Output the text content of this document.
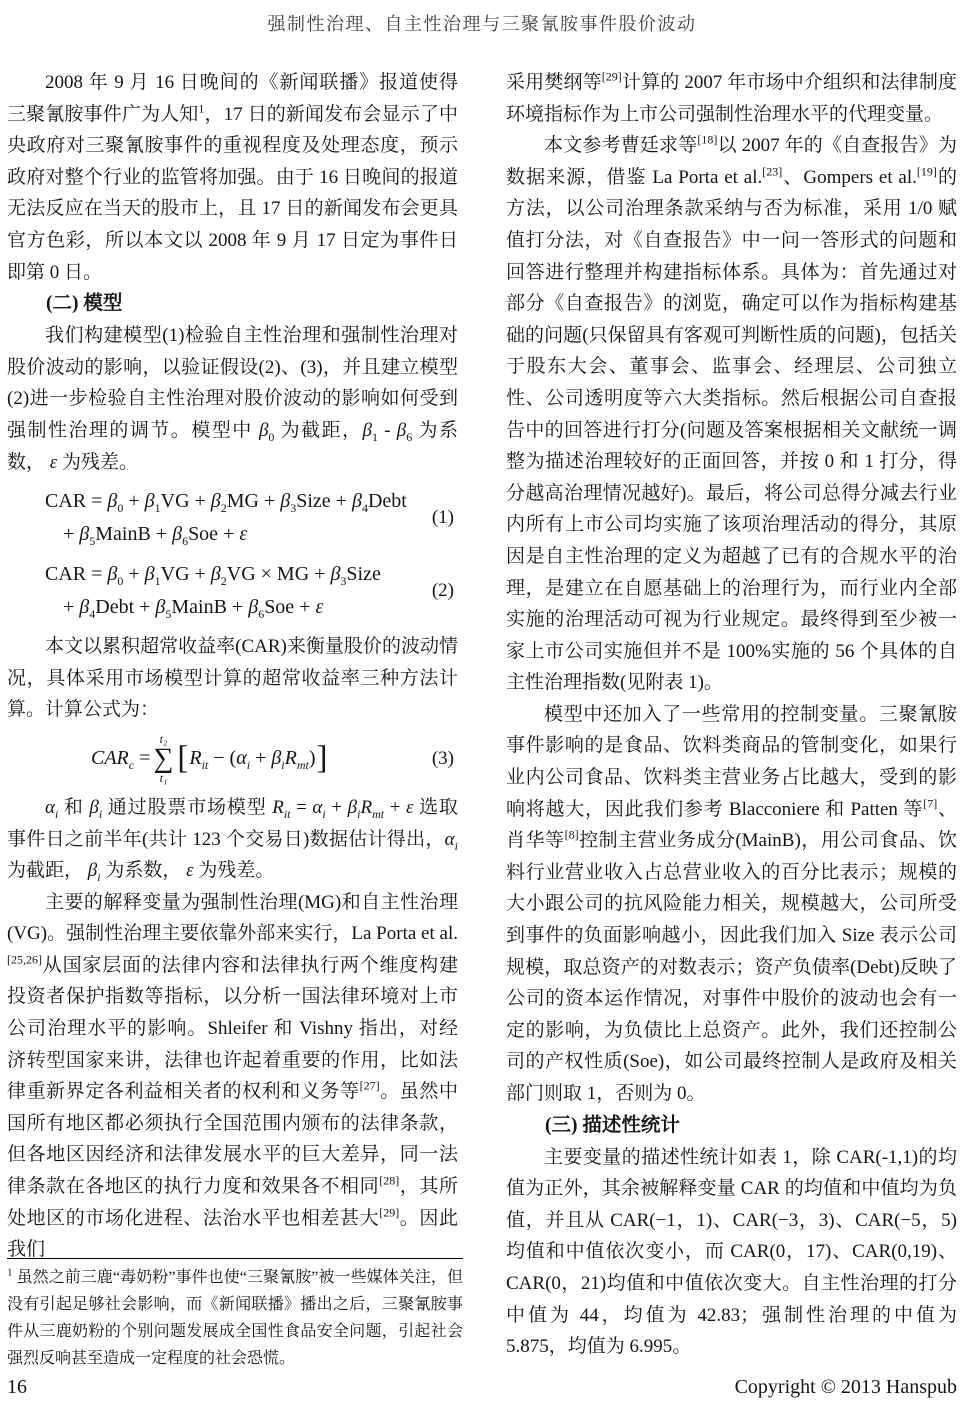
强制性治理、自主性治理与三聚氰胺事件股价波动

2008 年 9 月 16 日晚间的《新闻联播》报道使得三聚氰胺事件广为人知$^1$，17 日的新闻发布会显示了中央政府对三聚氰胺事件的重视程度及处理态度，预示政府对整个行业的监管将加强。由于 16 日晚间的报道无法反应在当天的股市上，且 17 日的新闻发布会更具官方色彩，所以本文以 2008 年 9 月 17 日定为事件日即第 0 日。

(二) 模型

我们构建模型(1)检验自主性治理和强制性治理对股价波动的影响，以验证假设(2)、(3)，并且建立模型(2)进一步检验自主性治理对股价波动的影响如何受到强制性治理的调节。模型中 $\beta_0$ 为截距，$\beta_1 - \beta_6$ 为系数， ε 为残差。

CAR = $\beta_0 + \beta_1VG + \beta_2MG$ + $\beta_3Size$ + $\beta_4Debt$
+ $\beta_5MainB + \beta_6Soe + \varepsilon$
(1)
CAR = $\beta_0 + \beta_1VG + \beta_2VG$ × MG + $\beta_3Size$
+ $\beta_4Debt$ + $\beta_5MainB + \beta_6Soe + \varepsilon$
(2)

本文以累积超常收益率(CAR)来衡量股价的波动情况，具体采用市场模型计算的超常收益率三种方法计算。计算公式为：

$CAR_c$ =
t₂
∑
t₁
[ $R_{it} - (\alpha_i + \beta_iR_{mt})$ ]	(3)

$\alpha_i$ 和 $\beta_i$ 通过股票市场模型 $R_{it} = \alpha_i + \beta_iR_{mt} + \varepsilon$ 选取事件日之前半年(共计 123 个交易日)数据估计得出，$\alpha_i$ 为截距， $\beta_i$ 为系数， ε 为残差。

主要的解释变量为强制性治理(MG)和自主性治理(VG)。强制性治理主要依靠外部来实行，La Porta et al.[25,26]从国家层面的法律内容和法律执行两个维度构建投资者保护指数等指标，以分析一国法律环境对上市公司治理水平的影响。Shleifer 和 Vishny 指出，对经济转型国家来讲，法律也许起着重要的作用，比如法律重新界定各利益相关者的权利和义务等[27]。虽然中国所有地区都必须执行全国范围内颁布的法律条款，但各地区因经济和法律发展水平的巨大差异，同一法律条款在各地区的执行力度和效果各不相同[28]，其所处地区的市场化进程、法治水平也相差甚大[29]。因此我们

采用樊纲等[29]计算的 2007 年市场中介组织和法律制度环境指标作为上市公司强制性治理水平的代理变量。

本文参考曹廷求等[18]以 2007 年的《自查报告》为数据来源，借鉴 La Porta et al.[23]、Gompers et al.[19]的方法，以公司治理条款采纳与否为标准，采用 1/0 赋值打分法，对《自查报告》中一问一答形式的问题和回答进行整理并构建指标体系。具体为：首先通过对部分《自查报告》的浏览，确定可以作为指标构建基础的问题(只保留具有客观可判断性质的问题)，包括关于股东大会、董事会、监事会、经理层、公司独立性、公司透明度等六大类指标。然后根据公司自查报告中的回答进行打分(问题及答案根据相关文献统一调整为描述治理较好的正面回答，并按 0 和 1 打分，得分越高治理情况越好)。最后，将公司总得分减去行业内所有上市公司均实施了该项治理活动的得分，其原因是自主性治理的定义为超越了已有的合规水平的治理，是建立在自愿基础上的治理行为，而行业内全部实施的治理活动可视为行业规定。最终得到至少被一家上市公司实施但并不是 100%实施的 56 个具体的自主性治理指数(见附表 1)。

模型中还加入了一些常用的控制变量。三聚氰胺事件影响的是食品、饮料类商品的管制变化，如果行业内公司食品、饮料类主营业务占比越大，受到的影响将越大，因此我们参考 Blacconiere 和 Patten 等[7]、肖华等[8]控制主营业务成分(MainB)，用公司食品、饮料行业营业收入占总营业收入的百分比表示；规模的大小跟公司的抗风险能力相关，规模越大，公司所受到事件的负面影响越小，因此我们加入 Size 表示公司规模，取总资产的对数表示；资产负债率(Debt)反映了公司的资本运作情况，对事件中股价的波动也会有一定的影响，为负债比上总资产。此外，我们还控制公司的产权性质(Soe)，如公司最终控制人是政府及相关部门则取 1，否则为 0。

(三) 描述性统计

主要变量的描述性统计如表 1，除 CAR(-1,1)的均值为正外，其余被解释变量 CAR 的均值和中值均为负值，并且从 CAR(−1，1)、CAR(−3，3)、CAR(−5，5)均值和中值依次变小，而 CAR(0，17)、CAR(0,19)、CAR(0，21)均值和中值依次变大。自主性治理的打分中值为 44，均值为 42.83；强制性治理的中值为 5.875，均值为 6.995。

$^1$ 虽然之前三鹿“毒奶粉”事件也使“三聚氰胺”被一些媒体关注，但没有引起足够社会影响，而《新闻联播》播出之后，三聚氰胺事件从三鹿奶粉的个别问题发展成全国性食品安全问题，引起社会强烈反响甚至造成一定程度的社会恐慌。

16	Copyright © 2013 Hanspub
